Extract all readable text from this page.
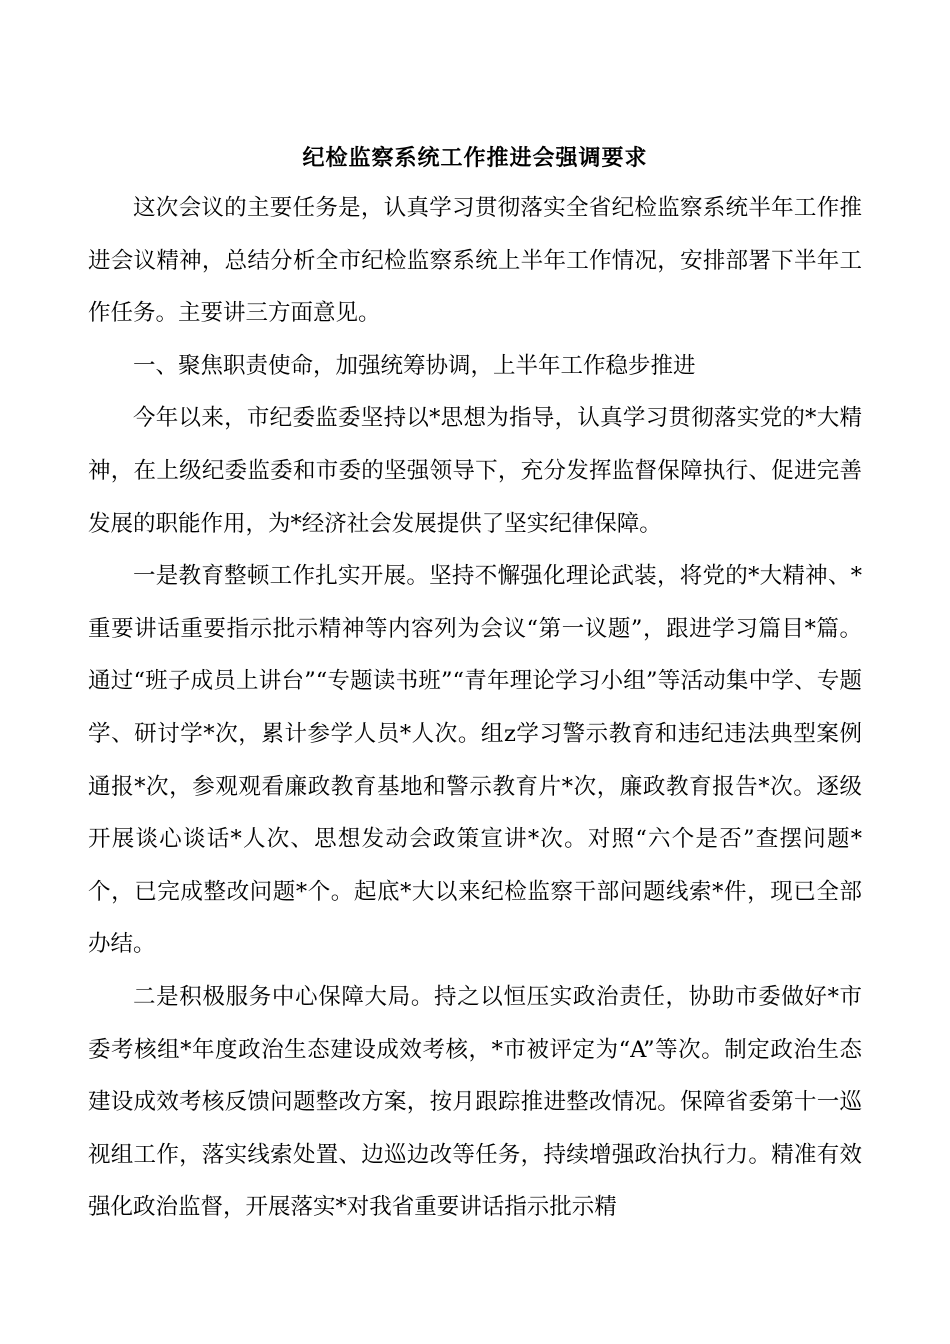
纪检监察系统工作推进会强调要求

这次会议的主要任务是，认真学习贯彻落实全省纪检监察系统半年工作推进会议精神，总结分析全市纪检监察系统上半年工作情况，安排部署下半年工作任务。主要讲三方面意见。

一、聚焦职责使命，加强统筹协调，上半年工作稳步推进

今年以来，市纪委监委坚持以*思想为指导，认真学习贯彻落实党的*大精神，在上级纪委监委和市委的坚强领导下，充分发挥监督保障执行、促进完善发展的职能作用，为*经济社会发展提供了坚实纪律保障。

一是教育整顿工作扎实开展。坚持不懈强化理论武装，将党的*大精神、*重要讲话重要指示批示精神等内容列为会议“第一议题”，跟进学习篇目*篇。通过“班子成员上讲台”“专题读书班”“青年理论学习小组”等活动集中学、专题学、研讨学*次，累计参学人员*人次。组z学习警示教育和违纪违法典型案例通报*次，参观观看廉政教育基地和警示教育片*次，廉政教育报告*次。逐级开展谈心谈话*人次、思想发动会政策宣讲*次。对照“六个是否”查摆问题*个，已完成整改问题*个。起底*大以来纪检监察干部问题线索*件，现已全部办结。

二是积极服务中心保障大局。持之以恒压实政治责任，协助市委做好*市委考核组*年度政治生态建设成效考核，*市被评定为“A”等次。制定政治生态建设成效考核反馈问题整改方案，按月跟踪推进整改情况。保障省委第十一巡视组工作，落实线索处置、边巡边改等任务，持续增强政治执行力。精准有效强化政治监督，开展落实*对我省重要讲话指示批示精
